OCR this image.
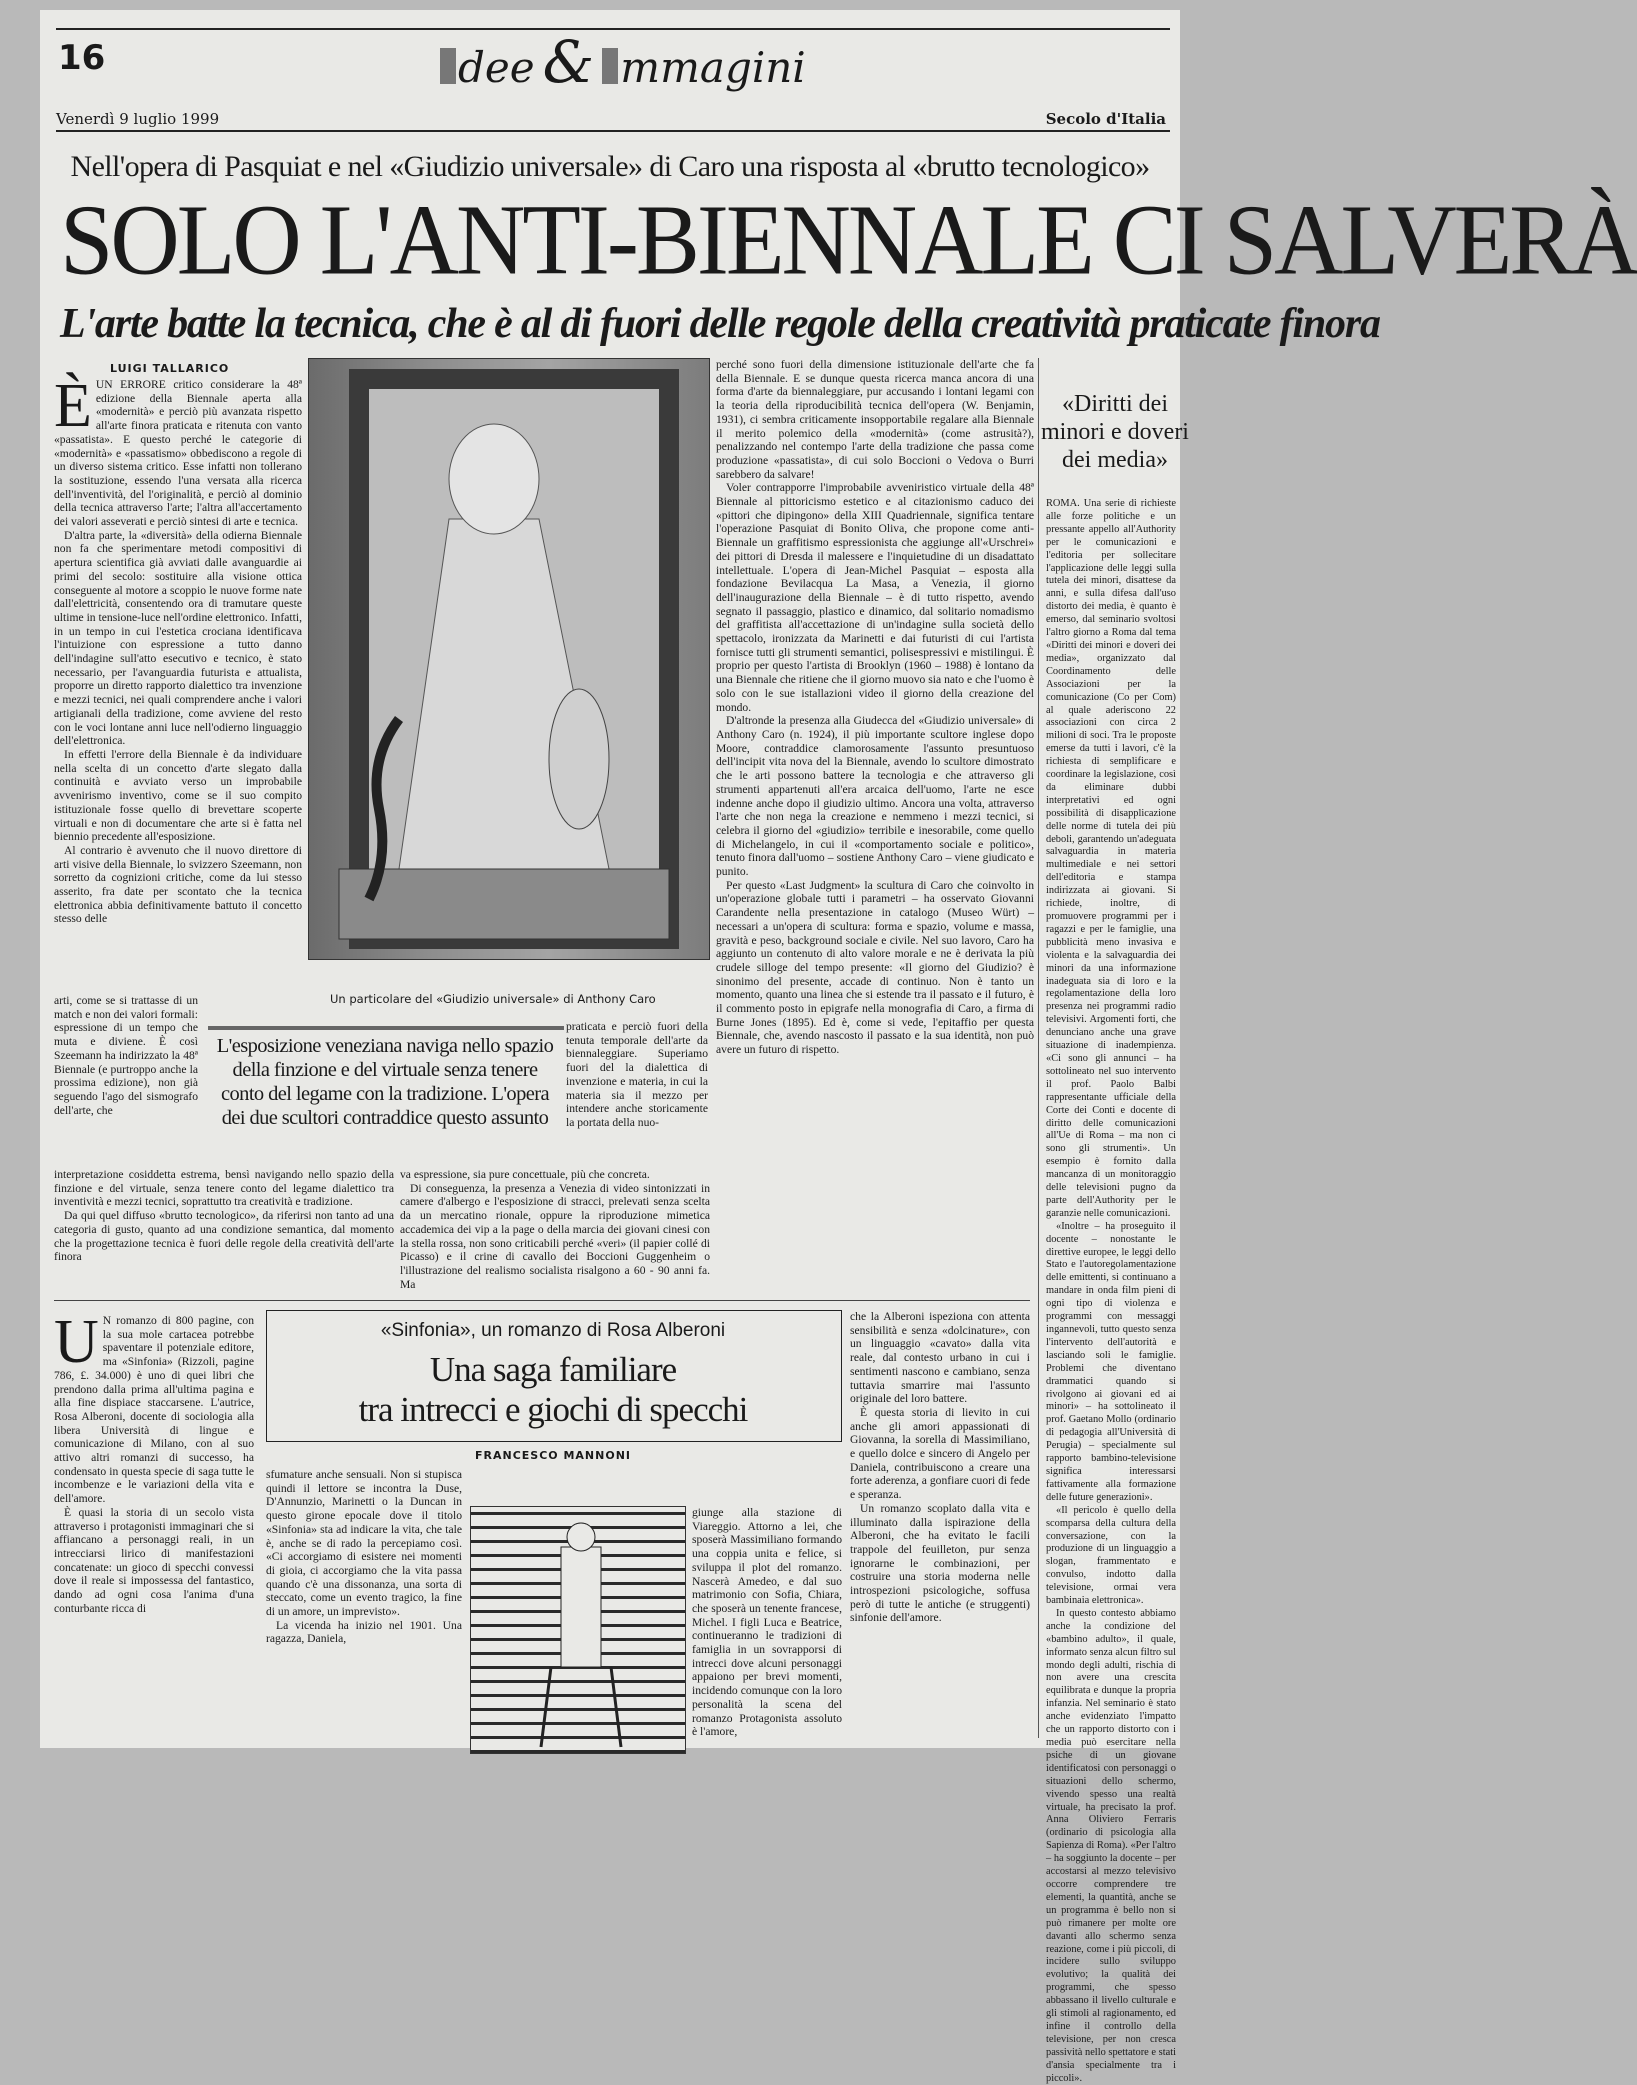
16	dee & mmagini
Venerdì 9 luglio 1999	Secolo d'Italia
Nell'opera di Pasquiat e nel «Giudizio universale» di Caro una risposta al «brutto tecnologico»
SOLO L'ANTI-BIENNALE CI SALVERÀ
L'arte batte la tecnica, che è al di fuori delle regole della creatività praticate finora
LUIGI TALLARICO
È UN ERRORE critico considerare la 48ª edizione della Biennale aperta alla «modernità» e perciò più avanzata rispetto all'arte finora praticata e ritenuta con vanto «passatista». E questo perché le categorie di «modernità» e «passatismo» obbediscono a regole di un diverso sistema critico. Esse infatti non tollerano la sostituzione, essendo l'una versata alla ricerca dell'inventività, del l'originalità, e perciò al dominio della tecnica attraverso l'arte; l'altra all'accertamento dei valori asseverati e perciò sintesi di arte e tecnica.

D'altra parte, la «diversità» della odierna Biennale non fa che sperimentare metodi compositivi di apertura scientifica già avviati dalle avanguardie ai primi del secolo: sostituire alla visione ottica conseguente al motore a scoppio le nuove forme nate dall'elettricità, consentendo ora di tramutare queste ultime in tensione-luce nell'ordine elettronico. Infatti, in un tempo in cui l'estetica crociana identificava l'intuizione con espressione a tutto danno dell'indagine sull'atto esecutivo e tecnico, è stato necessario, per l'avanguardia futurista e attualista, proporre un diretto rapporto dialettico tra invenzione e mezzi tecnici, nei quali comprendere anche i valori artigianali della tradizione, come avviene del resto con le voci lontane anni luce nell'odierno linguaggio dell'elettronica.

In effetti l'errore della Biennale è da individuare nella scelta di un concetto d'arte slegato dalla continuità e avviato verso un improbabile avvenirismo inventivo, come se il suo compito istituzionale fosse quello di brevettare scoperte virtuali e non di documentare che arte si è fatta nel biennio precedente all'esposizione.

Al contrario è avvenuto che il nuovo direttore di arti visive della Biennale, lo svizzero Szeemann, non sorretto da cognizioni critiche, come da lui stesso asserito, fra date per scontato che la tecnica elettronica abbia definitivamente battuto il concetto stesso delle

arti, come se si trattasse di un match e non dei valori formali: espressione di un tempo che muta e diviene. È così Szeemann ha indirizzato la 48ª Biennale (e purtroppo anche la prossima edizione), non già seguendo l'ago del sismografo dell'arte, che

interpretazione cosiddetta estrema, bensì navigando nello spazio della finzione e del virtuale, senza tenere conto del legame dialettico tra inventività e mezzi tecnici, soprattutto tra creatività e tradizione.

Da qui quel diffuso «brutto tecnologico», da riferirsi non tanto ad una categoria di gusto, quanto ad una condizione semantica, dal momento che la progettazione tecnica è fuori delle regole della creatività dell'arte finora

Un particolare del «Giudizio universale» di Anthony Caro

perché sono fuori della dimensione istituzionale dell'arte che fa della Biennale. E se dunque questa ricerca manca ancora di una forma d'arte da biennaleggiare, pur accusando i lontani legami con la teoria della riproducibilità tecnica dell'opera (W. Benjamin, 1931), ci sembra criticamente insopportabile regalare alla Biennale il merito polemico della «modernità» (come astrusità?), penalizzando nel contempo l'arte della tradizione che passa come produzione «passatista», di cui solo Boccioni o Vedova o Burri sarebbero da salvare!

Voler contrapporre l'improbabile avveniristico virtuale della 48ª Biennale al pittoricismo estetico e al citazionismo caduco dei «pittori che dipingono» della XIII Quadriennale, significa tentare l'operazione Pasquiat di Bonito Oliva, che propone come anti-Biennale un graffitismo espressionista che aggiunge all'«Urschrei» dei pittori di Dresda il malessere e l'inquietudine di un disadattato intellettuale. L'opera di Jean-Michel Pasquiat – esposta alla fondazione Bevilacqua La Masa, a Venezia, il giorno dell'inaugurazione della Biennale – è di tutto rispetto, avendo segnato il passaggio, plastico e dinamico, dal solitario nomadismo del graffitista all'accettazione di un'indagine sulla società dello spettacolo, ironizzata da Marinetti e dai futuristi di cui l'artista fornisce tutti gli strumenti semantici, polisespressivi e mistilingui. È proprio per questo l'artista di Brooklyn (1960 – 1988) è lontano da una Biennale che ritiene che il giorno muovo sia nato e che l'uomo è solo con le sue istallazioni video il giorno della creazione del mondo.

D'altronde la presenza alla Giudecca del «Giudizio universale» di Anthony Caro (n. 1924), il più importante scultore inglese dopo Moore, contraddice clamorosamente l'assunto presuntuoso dell'incipit vita nova del la Biennale, avendo lo scultore dimostrato che le arti possono battere la tecnologia e che attraverso gli strumenti appartenuti all'era arcaica dell'uomo, l'arte ne esce indenne anche dopo il giudizio ultimo. Ancora una volta, attraverso l'arte che non nega la creazione e nemmeno i mezzi tecnici, si celebra il giorno del «giudizio» terribile e inesorabile, come quello di Michelangelo, in cui il «comportamento sociale e politico», tenuto finora dall'uomo – sostiene Anthony Caro – viene giudicato e punito.

Per questo «Last Judgment» la scultura di Caro che coinvolto in un'operazione globale tutti i parametri – ha osservato Giovanni Carandente nella presentazione in catalogo (Museo Würt) – necessari a un'opera di scultura: forma e spazio, volume e massa, gravità e peso, background sociale e civile. Nel suo lavoro, Caro ha aggiunto un contenuto di alto valore morale e ne è derivata la più crudele silloge del tempo presente: «Il giorno del Giudizio? è sinonimo del presente, accade di continuo. Non è tanto un momento, quanto una linea che si estende tra il passato e il futuro, è il commento posto in epigrafe nella monografia di Caro, a firma di Burne Jones (1895). Ed è, come si vede, l'epitaffio per questa Biennale, che, avendo nascosto il passato e la sua identità, non può avere un futuro di rispetto.

L'esposizione veneziana naviga nello spazio della finzione e del virtuale senza tenere conto del legame con la tradizione. L'opera dei due scultori contraddice questo assunto

praticata e perciò fuori della tenuta temporale dell'arte da biennaleggiare. Superiamo fuori del la dialettica di invenzione e materia, in cui la materia sia il mezzo per intendere anche storicamente la portata della nuo-

va espressione, sia pure concettuale, più che concreta.

Di conseguenza, la presenza a Venezia di video sintonizzati in camere d'albergo e l'esposizione di stracci, prelevati senza scelta da un mercatino rionale, oppure la riproduzione mimetica accademica dei vip a la page o della marcia dei giovani cinesi con la stella rossa, non sono criticabili perché «veri» (il papier collé di Picasso) e il crine di cavallo dei Boccioni Guggenheim o l'illustrazione del realismo socialista risalgono a 60 - 90 anni fa. Ma

«Diritti dei minori e doveri dei media»

ROMA. Una serie di richieste alle forze politiche e un pressante appello all'Authority per le comunicazioni e l'editoria per sollecitare l'applicazione delle leggi sulla tutela dei minori, disattese da anni, e sulla difesa dall'uso distorto dei media, è quanto è emerso, dal seminario svoltosi l'altro giorno a Roma dal tema «Diritti dei minori e doveri dei media», organizzato dal Coordinamento delle Associazioni per la comunicazione (Co per Com) al quale aderiscono 22 associazioni con circa 2 milioni di soci. Tra le proposte emerse da tutti i lavori, c'è la richiesta di semplificare e coordinare la legislazione, così da eliminare dubbi interpretativi ed ogni possibilità di disapplicazione delle norme di tutela dei più deboli, garantendo un'adeguata salvaguardia in materia multimediale e nei settori dell'editoria e stampa indirizzata ai giovani. Si richiede, inoltre, di promuovere programmi per i ragazzi e per le famiglie, una pubblicità meno invasiva e violenta e la salvaguardia dei minori da una informazione inadeguata sia di loro e la regolamentazione della loro presenza nei programmi radio televisivi. Argomenti forti, che denunciano anche una grave situazione di inadempienza. «Ci sono gli annunci – ha sottolineato nel suo intervento il prof. Paolo Balbi rappresentante ufficiale della Corte dei Conti e docente di diritto delle comunicazioni all'Ue di Roma – ma non ci sono gli strumenti». Un esempio è fornito dalla mancanza di un monitoraggio delle televisioni pugno da parte dell'Authority per le garanzie nelle comunicazioni.

«Inoltre – ha proseguito il docente – nonostante le direttive europee, le leggi dello Stato e l'autoregolamentazione delle emittenti, si continuano a mandare in onda film pieni di ogni tipo di violenza e programmi con messaggi ingannevoli, tutto questo senza l'intervento dell'autorità e lasciando soli le famiglie. Problemi che diventano drammatici quando si rivolgono ai giovani ed ai minori» – ha sottolineato il prof. Gaetano Mollo (ordinario di pedagogia all'Università di Perugia) – specialmente sul rapporto bambino-televisione significa interessarsi fattivamente alla formazione delle future generazioni».

«Il pericolo è quello della scomparsa della cultura della conversazione, con la produzione di un linguaggio a slogan, frammentato e convulso, indotto dalla televisione, ormai vera bambinaia elettronica».

In questo contesto abbiamo anche la condizione del «bambino adulto», il quale, informato senza alcun filtro sul mondo degli adulti, rischia di non avere una crescita equilibrata e dunque la propria infanzia. Nel seminario è stato anche evidenziato l'impatto che un rapporto distorto con i media può esercitare nella psiche di un giovane identificatosi con personaggi o situazioni dello schermo, vivendo spesso una realtà virtuale, ha precisato la prof. Anna Oliviero Ferraris (ordinario di psicologia alla Sapienza di Roma). «Per l'altro – ha soggiunto la docente – per accostarsi al mezzo televisivo occorre comprendere tre elementi, la quantità, anche se un programma è bello non si può rimanere per molte ore davanti allo schermo senza reazione, come i più piccoli, di incidere sullo sviluppo evolutivo; la qualità dei programmi, che spesso abbassano il livello culturale e gli stimoli al ragionamento, ed infine il controllo della televisione, per non cresca passività nello spettatore e stati d'ansia specialmente tra i piccoli».

«Sinfonia», un romanzo di Rosa Alberoni
Una saga familiare
tra intrecci e giochi di specchi
FRANCESCO MANNONI
U N romanzo di 800 pagine, con la sua mole cartacea potrebbe spaventare il potenziale editore, ma «Sinfonia» (Rizzoli, pagine 786, £. 34.000) è uno di quei libri che prendono dalla prima all'ultima pagina e alla fine dispiace staccarsene. L'autrice, Rosa Alberoni, docente di sociologia alla libera Università di lingue e comunicazione di Milano, con al suo attivo altri romanzi di successo, ha condensato in questa specie di saga tutte le incombenze e le variazioni della vita e dell'amore.

È quasi la storia di un secolo vista attraverso i protagonisti immaginari che si affiancano a personaggi reali, in un intrecciarsi lirico di manifestazioni concatenate: un gioco di specchi convessi dove il reale si impossessa del fantastico, dando ad ogni cosa l'anima d'una conturbante ricca di

sfumature anche sensuali. Non si stupisca quindi il lettore se incontra la Duse, D'Annunzio, Marinetti o la Duncan in questo girone epocale dove il titolo «Sinfonia» sta ad indicare la vita, che tale è, anche se di rado la percepiamo così. «Ci accorgiamo di esistere nei momenti di gioia, ci accorgiamo che la vita passa quando c'è una dissonanza, una sorta di steccato, come un evento tragico, la fine di un amore, un imprevisto».

La vicenda ha inizio nel 1901. Una ragazza, Daniela,

giunge alla stazione di Viareggio. Attorno a lei, che sposerà Massimiliano formando una coppia unita e felice, si sviluppa il plot del romanzo. Nascerà Amedeo, e dal suo matrimonio con Sofia, Chiara, che sposerà un tenente francese, Michel. I figli Luca e Beatrice, continueranno le tradizioni di famiglia in un sovrapporsi di intrecci dove alcuni personaggi appaiono per brevi momenti, incidendo comunque con la loro personalità la scena del romanzo Protagonista assoluto è l'amore,

che la Alberoni ispeziona con attenta sensibilità e senza «dolcinature», con un linguaggio «cavato» dalla vita reale, dal contesto urbano in cui i sentimenti nascono e cambiano, senza tuttavia smarrire mai l'assunto originale del loro battere.

È questa storia di lievito in cui anche gli amori appassionati di Giovanna, la sorella di Massimiliano, e quello dolce e sincero di Angelo per Daniela, contribuiscono a creare una forte aderenza, a gonfiare cuori di fede e speranza.

Un romanzo scoplato dalla vita e illuminato dalla ispirazione della Alberoni, che ha evitato le facili trappole del feuilleton, pur senza ignorarne le combinazioni, per costruire una storia moderna nelle introspezioni psicologiche, soffusa però di tutte le antiche (e struggenti) sinfonie dell'amore.
